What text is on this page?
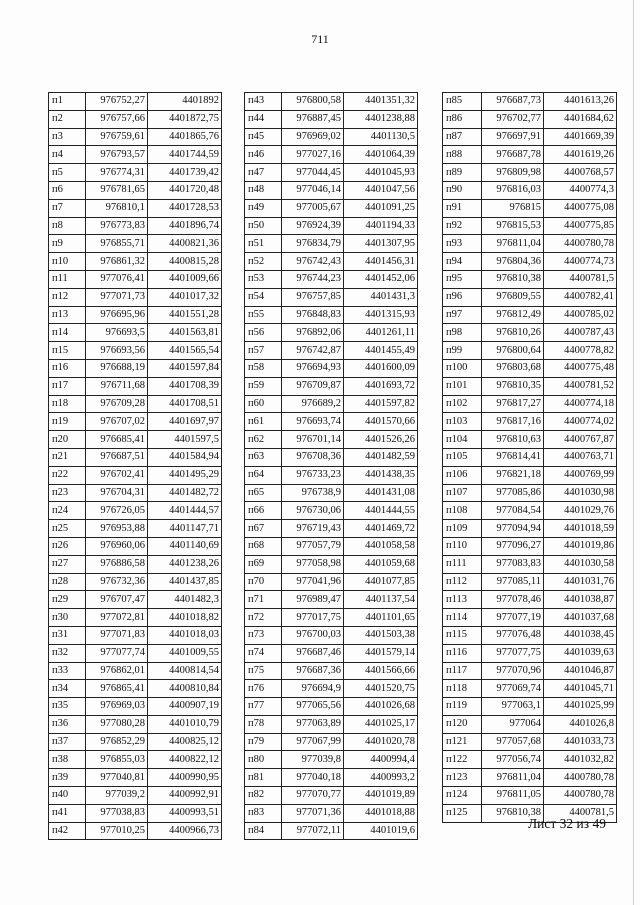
711
п1	976752,27	4401892
п2	976757,66	4401872,75
п3	976759,61	4401865,76
п4	976793,57	4401744,59
п5	976774,31	4401739,42
п6	976781,65	4401720,48
п7	976810,1	4401728,53
п8	976773,83	4401896,74
п9	976855,71	4400821,36
п10	976861,32	4400815,28
п11	977076,41	4401009,66
п12	977071,73	4401017,32
п13	976695,96	4401551,28
п14	976693,5	4401563,81
п15	976693,56	4401565,54
п16	976688,19	4401597,84
п17	976711,68	4401708,39
п18	976709,28	4401708,51
п19	976707,02	4401697,97
п20	976685,41	4401597,5
п21	976687,51	4401584,94
п22	976702,41	4401495,29
п23	976704,31	4401482,72
п24	976726,05	4401444,57
п25	976953,88	4401147,71
п26	976960,06	4401140,69
п27	976886,58	4401238,26
п28	976732,36	4401437,85
п29	976707,47	4401482,3
п30	977072,81	4401018,82
п31	977071,83	4401018,03
п32	977077,74	4401009,55
п33	976862,01	4400814,54
п34	976865,41	4400810,84
п35	976969,03	4400907,19
п36	977080,28	4401010,79
п37	976852,29	4400825,12
п38	976855,03	4400822,12
п39	977040,81	4400990,95
п40	977039,2	4400992,91
п41	977038,83	4400993,51
п42	977010,25	4400966,73
п43	976800,58	4401351,32
п44	976887,45	4401238,88
п45	976969,02	4401130,5
п46	977027,16	4401064,39
п47	977044,45	4401045,93
п48	977046,14	4401047,56
п49	977005,67	4401091,25
п50	976924,39	4401194,33
п51	976834,79	4401307,95
п52	976742,43	4401456,31
п53	976744,23	4401452,06
п54	976757,85	4401431,3
п55	976848,83	4401315,93
п56	976892,06	4401261,11
п57	976742,87	4401455,49
п58	976694,93	4401600,09
п59	976709,87	4401693,72
п60	976689,2	4401597,82
п61	976693,74	4401570,66
п62	976701,14	4401526,26
п63	976708,36	4401482,59
п64	976733,23	4401438,35
п65	976738,9	4401431,08
п66	976730,06	4401444,55
п67	976719,43	4401469,72
п68	977057,79	4401058,58
п69	977058,98	4401059,68
п70	977041,96	4401077,85
п71	976989,47	4401137,54
п72	977017,75	4401101,65
п73	976700,03	4401503,38
п74	976687,46	4401579,14
п75	976687,36	4401566,66
п76	976694,9	4401520,75
п77	977065,56	4401026,68
п78	977063,89	4401025,17
п79	977067,99	4401020,78
п80	977039,8	4400994,4
п81	977040,18	4400993,2
п82	977070,77	4401019,89
п83	977071,36	4401018,88
п84	977072,11	4401019,6
п85	976687,73	4401613,26
п86	976702,77	4401684,62
п87	976697,91	4401669,39
п88	976687,78	4401619,26
п89	976809,98	4400768,57
п90	976816,03	4400774,3
п91	976815	4400775,08
п92	976815,53	4400775,85
п93	976811,04	4400780,78
п94	976804,36	4400774,73
п95	976810,38	4400781,5
п96	976809,55	4400782,41
п97	976812,49	4400785,02
п98	976810,26	4400787,43
п99	976800,64	4400778,82
п100	976803,68	4400775,48
п101	976810,35	4400781,52
п102	976817,27	4400774,18
п103	976817,16	4400774,02
п104	976810,63	4400767,87
п105	976814,41	4400763,71
п106	976821,18	4400769,99
п107	977085,86	4401030,98
п108	977084,54	4401029,76
п109	977094,94	4401018,59
п110	977096,27	4401019,86
п111	977083,83	4401030,58
п112	977085,11	4401031,76
п113	977078,46	4401038,87
п114	977077,19	4401037,68
п115	977076,48	4401038,45
п116	977077,75	4401039,63
п117	977070,96	4401046,87
п118	977069,74	4401045,71
п119	977063,1	4401025,99
п120	977064	4401026,8
п121	977057,68	4401033,73
п122	977056,74	4401032,82
п123	976811,04	4400780,78
п124	976811,05	4400780,78
п125	976810,38	4400781,5
Лист 32 из 49
